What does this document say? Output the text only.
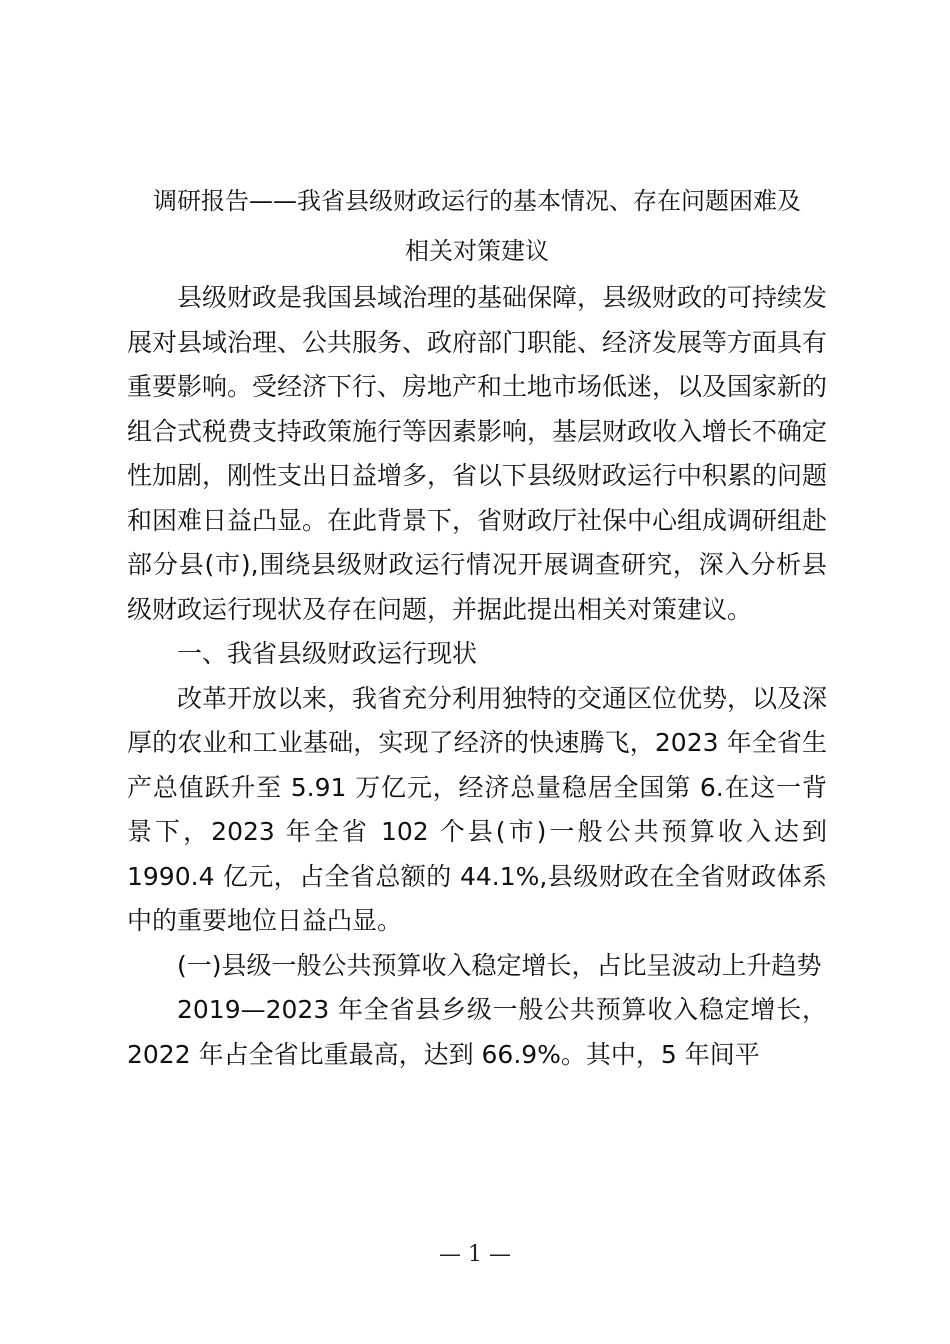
调研报告——我省县级财政运行的基本情况、存在问题困难及
相关对策建议

县级财政是我国县域治理的基础保障，县级财政的可持续发展对县域治理、公共服务、政府部门职能、经济发展等方面具有重要影响。受经济下行、房地产和土地市场低迷，以及国家新的组合式税费支持政策施行等因素影响，基层财政收入增长不确定性加剧，刚性支出日益增多，省以下县级财政运行中积累的问题和困难日益凸显。在此背景下，省财政厅社保中心组成调研组赴部分县(市),围绕县级财政运行情况开展调查研究，深入分析县级财政运行现状及存在问题，并据此提出相关对策建议。

一、我省县级财政运行现状

改革开放以来，我省充分利用独特的交通区位优势，以及深厚的农业和工业基础，实现了经济的快速腾飞，2023 年全省生产总值跃升至 5.91 万亿元，经济总量稳居全国第 6.在这一背景下，2023 年全省 102 个县(市)一般公共预算收入达到 1990.4 亿元，占全省总额的 44.1%,县级财政在全省财政体系中的重要地位日益凸显。

(一)县级一般公共预算收入稳定增长，占比呈波动上升趋势

2019—2023 年全省县乡级一般公共预算收入稳定增长，2022 年占全省比重最高，达到 66.9%。其中，5 年间平

— 1 —
